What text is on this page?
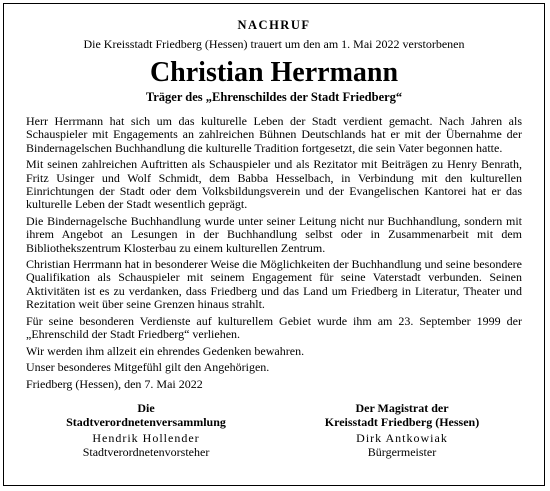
NACHRUF
Die Kreisstadt Friedberg (Hessen) trauert um den am 1. Mai 2022 verstorbenen
Christian Herrmann
Träger des „Ehrenschildes der Stadt Friedberg“

Herr Herrmann hat sich um das kulturelle Leben der Stadt verdient gemacht. Nach Jahren als Schauspieler mit Engagements an zahlreichen Bühnen Deutschlands hat er mit der Übernahme der Bindernagelschen Buchhandlung die kulturelle Tradition fortgesetzt, die sein Vater begonnen hatte.

Mit seinen zahlreichen Auftritten als Schauspieler und als Rezitator mit Beiträgen zu Henry Benrath, Fritz Usinger und Wolf Schmidt, dem Babba Hesselbach, in Verbindung mit den kulturellen Einrichtungen der Stadt oder dem Volksbildungsverein und der Evangelischen Kantorei hat er das kulturelle Leben der Stadt wesentlich geprägt.

Die Bindernagelsche Buchhandlung wurde unter seiner Leitung nicht nur Buchhandlung, sondern mit ihrem Angebot an Lesungen in der Buchhandlung selbst oder in Zusammenarbeit mit dem Bibliothekszentrum Klosterbau zu einem kulturellen Zentrum.

Christian Herrmann hat in besonderer Weise die Möglichkeiten der Buchhandlung und seine besondere Qualifikation als Schauspieler mit seinem Engagement für seine Vaterstadt verbunden. Seinen Aktivitäten ist es zu verdanken, dass Friedberg und das Land um Friedberg in Literatur, Theater und Rezitation weit über seine Grenzen hinaus strahlt.

Für seine besonderen Verdienste auf kulturellem Gebiet wurde ihm am 23. September 1999 der „Ehrenschild der Stadt Friedberg“ verliehen.

Wir werden ihm allzeit ein ehrendes Gedenken bewahren.

Unser besonderes Mitgefühl gilt den Angehörigen.

Friedberg (Hessen), den 7. Mai 2022
Die
Stadtverordnetenversammlung
Hendrik Hollender
Stadtverordnetenvorsteher
Der Magistrat der
Kreisstadt Friedberg (Hessen)
Dirk Antkowiak
Bürgermeister
